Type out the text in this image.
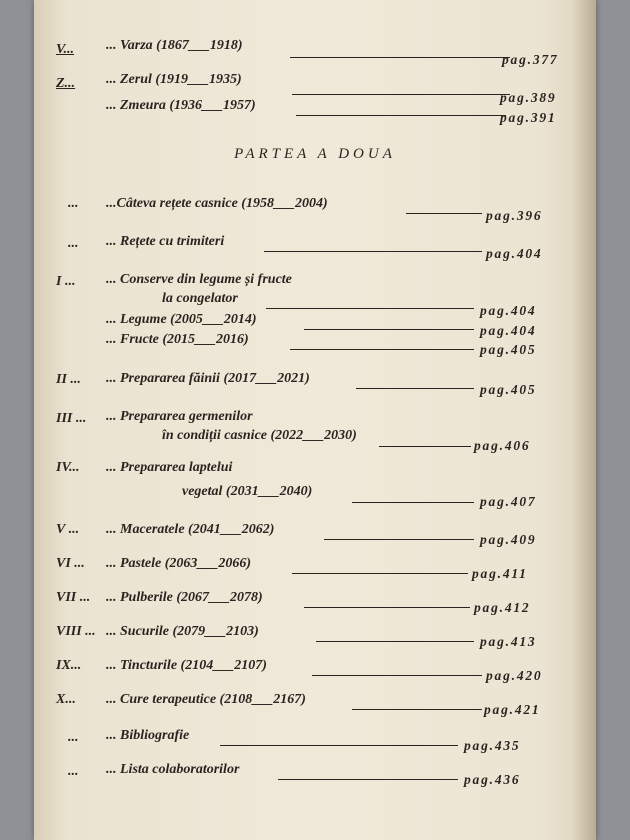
PARTEA A DOUA
V... ... Varza (1867___1918)
pag.377
Z... ... Zerul (1919___1935)
pag.389
... Zmeura (1936___1957)
pag.391
... ...Câteva rețete casnice (1958___2004)
pag.396
... ... Rețete cu trimiteri
pag.404
I ... ... Conserve din legume și fructe
la congelator
pag.404
... Legume (2005___2014)
pag.404
... Fructe (2015___2016)
pag.405
II ... ... Prepararea făinii (2017___2021)
pag.405
III ... ... Prepararea germenilor
în condiții casnice (2022___2030)
pag.406
IV... ... Prepararea laptelui
vegetal (2031___2040)
pag.407
V ... ... Maceratele (2041___2062)
pag.409
VI ... ... Pastele (2063___2066)
pag.411
VII ... ... Pulberile (2067___2078)
pag.412
VIII ... ... Sucurile (2079___2103)
pag.413
IX... ... Tincturile (2104___2107)
pag.420
X... ... Cure terapeutice (2108___2167)
pag.421
... ... Bibliografie
pag.435
... ... Lista colaboratorilor
pag.436
